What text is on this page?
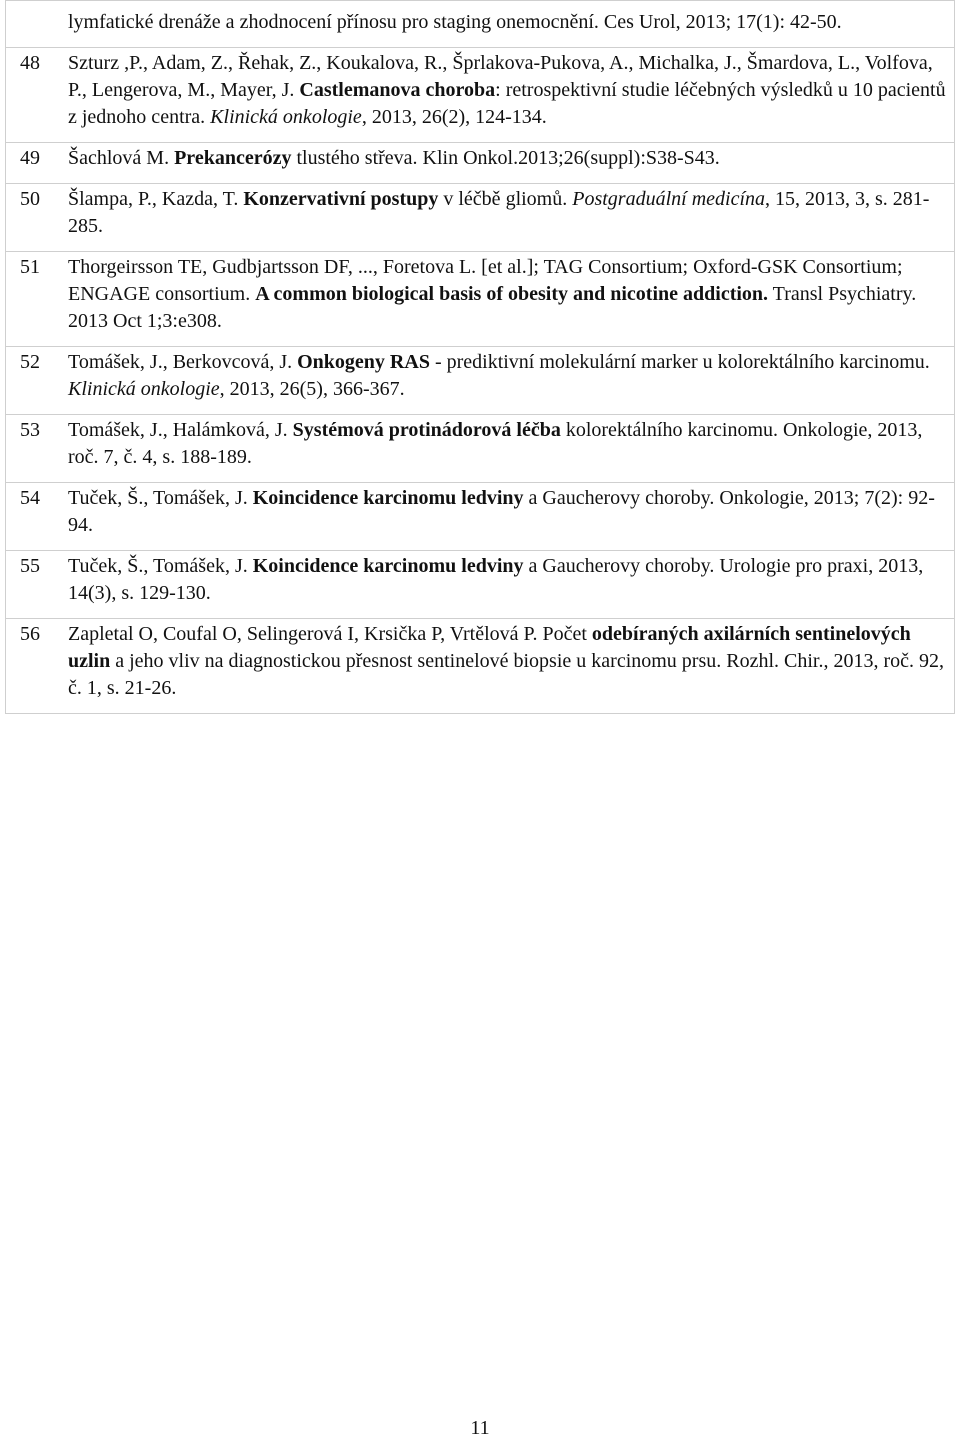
	lymfatické drenáže a zhodnocení přínosu pro staging onemocnění. Ces Urol, 2013; 17(1): 42-50.
48	Szturz ,P., Adam, Z., Řehak, Z., Koukalova, R., Šprlakova-Pukova, A., Michalka, J., Šmardova, L., Volfova, P., Lengerova, M., Mayer, J. Castlemanova choroba: retrospektivní studie léčebných výsledků u 10 pacientů z jednoho centra. Klinická onkologie, 2013, 26(2), 124-134.
49	Šachlová M. Prekancerózy tlustého střeva. Klin Onkol.2013;26(suppl):S38-S43.
50	Šlampa, P., Kazda, T. Konzervativní postupy v léčbě gliomů. Postgraduální medicína, 15, 2013, 3, s. 281-285.
51	Thorgeirsson TE, Gudbjartsson DF, ..., Foretova L. [et al.]; TAG Consortium; Oxford-GSK Consortium; ENGAGE consortium. A common biological basis of obesity and nicotine addiction. Transl Psychiatry. 2013 Oct 1;3:e308.
52	Tomášek, J., Berkovcová, J. Onkogeny RAS - prediktivní molekulární marker u kolorektálního karcinomu. Klinická onkologie, 2013, 26(5), 366-367.
53	Tomášek, J., Halámková, J. Systémová protinádorová léčba kolorektálního karcinomu. Onkologie, 2013, roč. 7, č. 4, s. 188-189.
54	Tuček, Š., Tomášek, J. Koincidence karcinomu ledviny a Gaucherovy choroby. Onkologie, 2013; 7(2): 92-94.
55	Tuček, Š., Tomášek, J. Koincidence karcinomu ledviny a Gaucherovy choroby. Urologie pro praxi, 2013, 14(3), s. 129-130.
56	Zapletal O, Coufal O, Selingerová I, Krsička P, Vrtělová P. Počet odebíraných axilárních sentinelových uzlin a jeho vliv na diagnostickou přesnost sentinelové biopsie u karcinomu prsu. Rozhl. Chir., 2013, roč. 92, č. 1, s. 21-26.
11
